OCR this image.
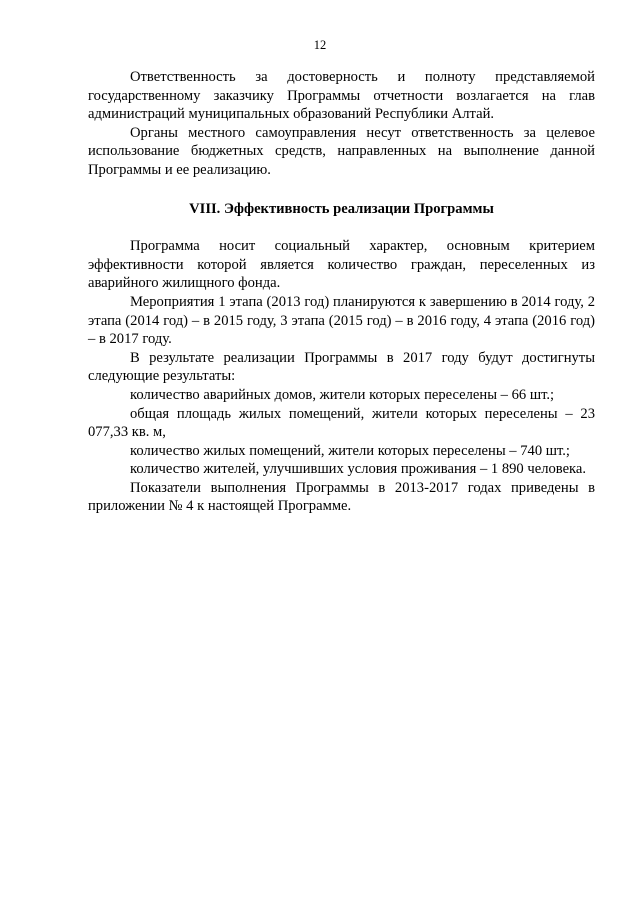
12

Ответственность за достоверность и полноту представляемой государственному заказчику Программы отчетности возлагается на глав администраций муниципальных образований Республики Алтай.

Органы местного самоуправления несут ответственность за целевое использование бюджетных средств, направленных на выполнение данной Программы и ее реализацию.

VIII. Эффективность реализации Программы

Программа носит социальный характер, основным критерием эффективности которой является количество граждан, переселенных из аварийного жилищного фонда.

Мероприятия 1 этапа (2013 год) планируются к завершению в 2014 году, 2 этапа (2014 год) – в 2015 году, 3 этапа (2015 год) – в 2016 году, 4 этапа (2016 год) – в 2017 году.

В результате реализации Программы в 2017 году будут достигнуты следующие результаты:

количество аварийных домов, жители которых переселены – 66 шт.;

общая площадь жилых помещений, жители которых переселены – 23 077,33 кв. м,

количество жилых помещений, жители которых переселены – 740 шт.;

количество жителей, улучшивших условия проживания – 1 890 человека.

Показатели выполнения Программы в 2013-2017 годах приведены в приложении № 4 к настоящей Программе.
